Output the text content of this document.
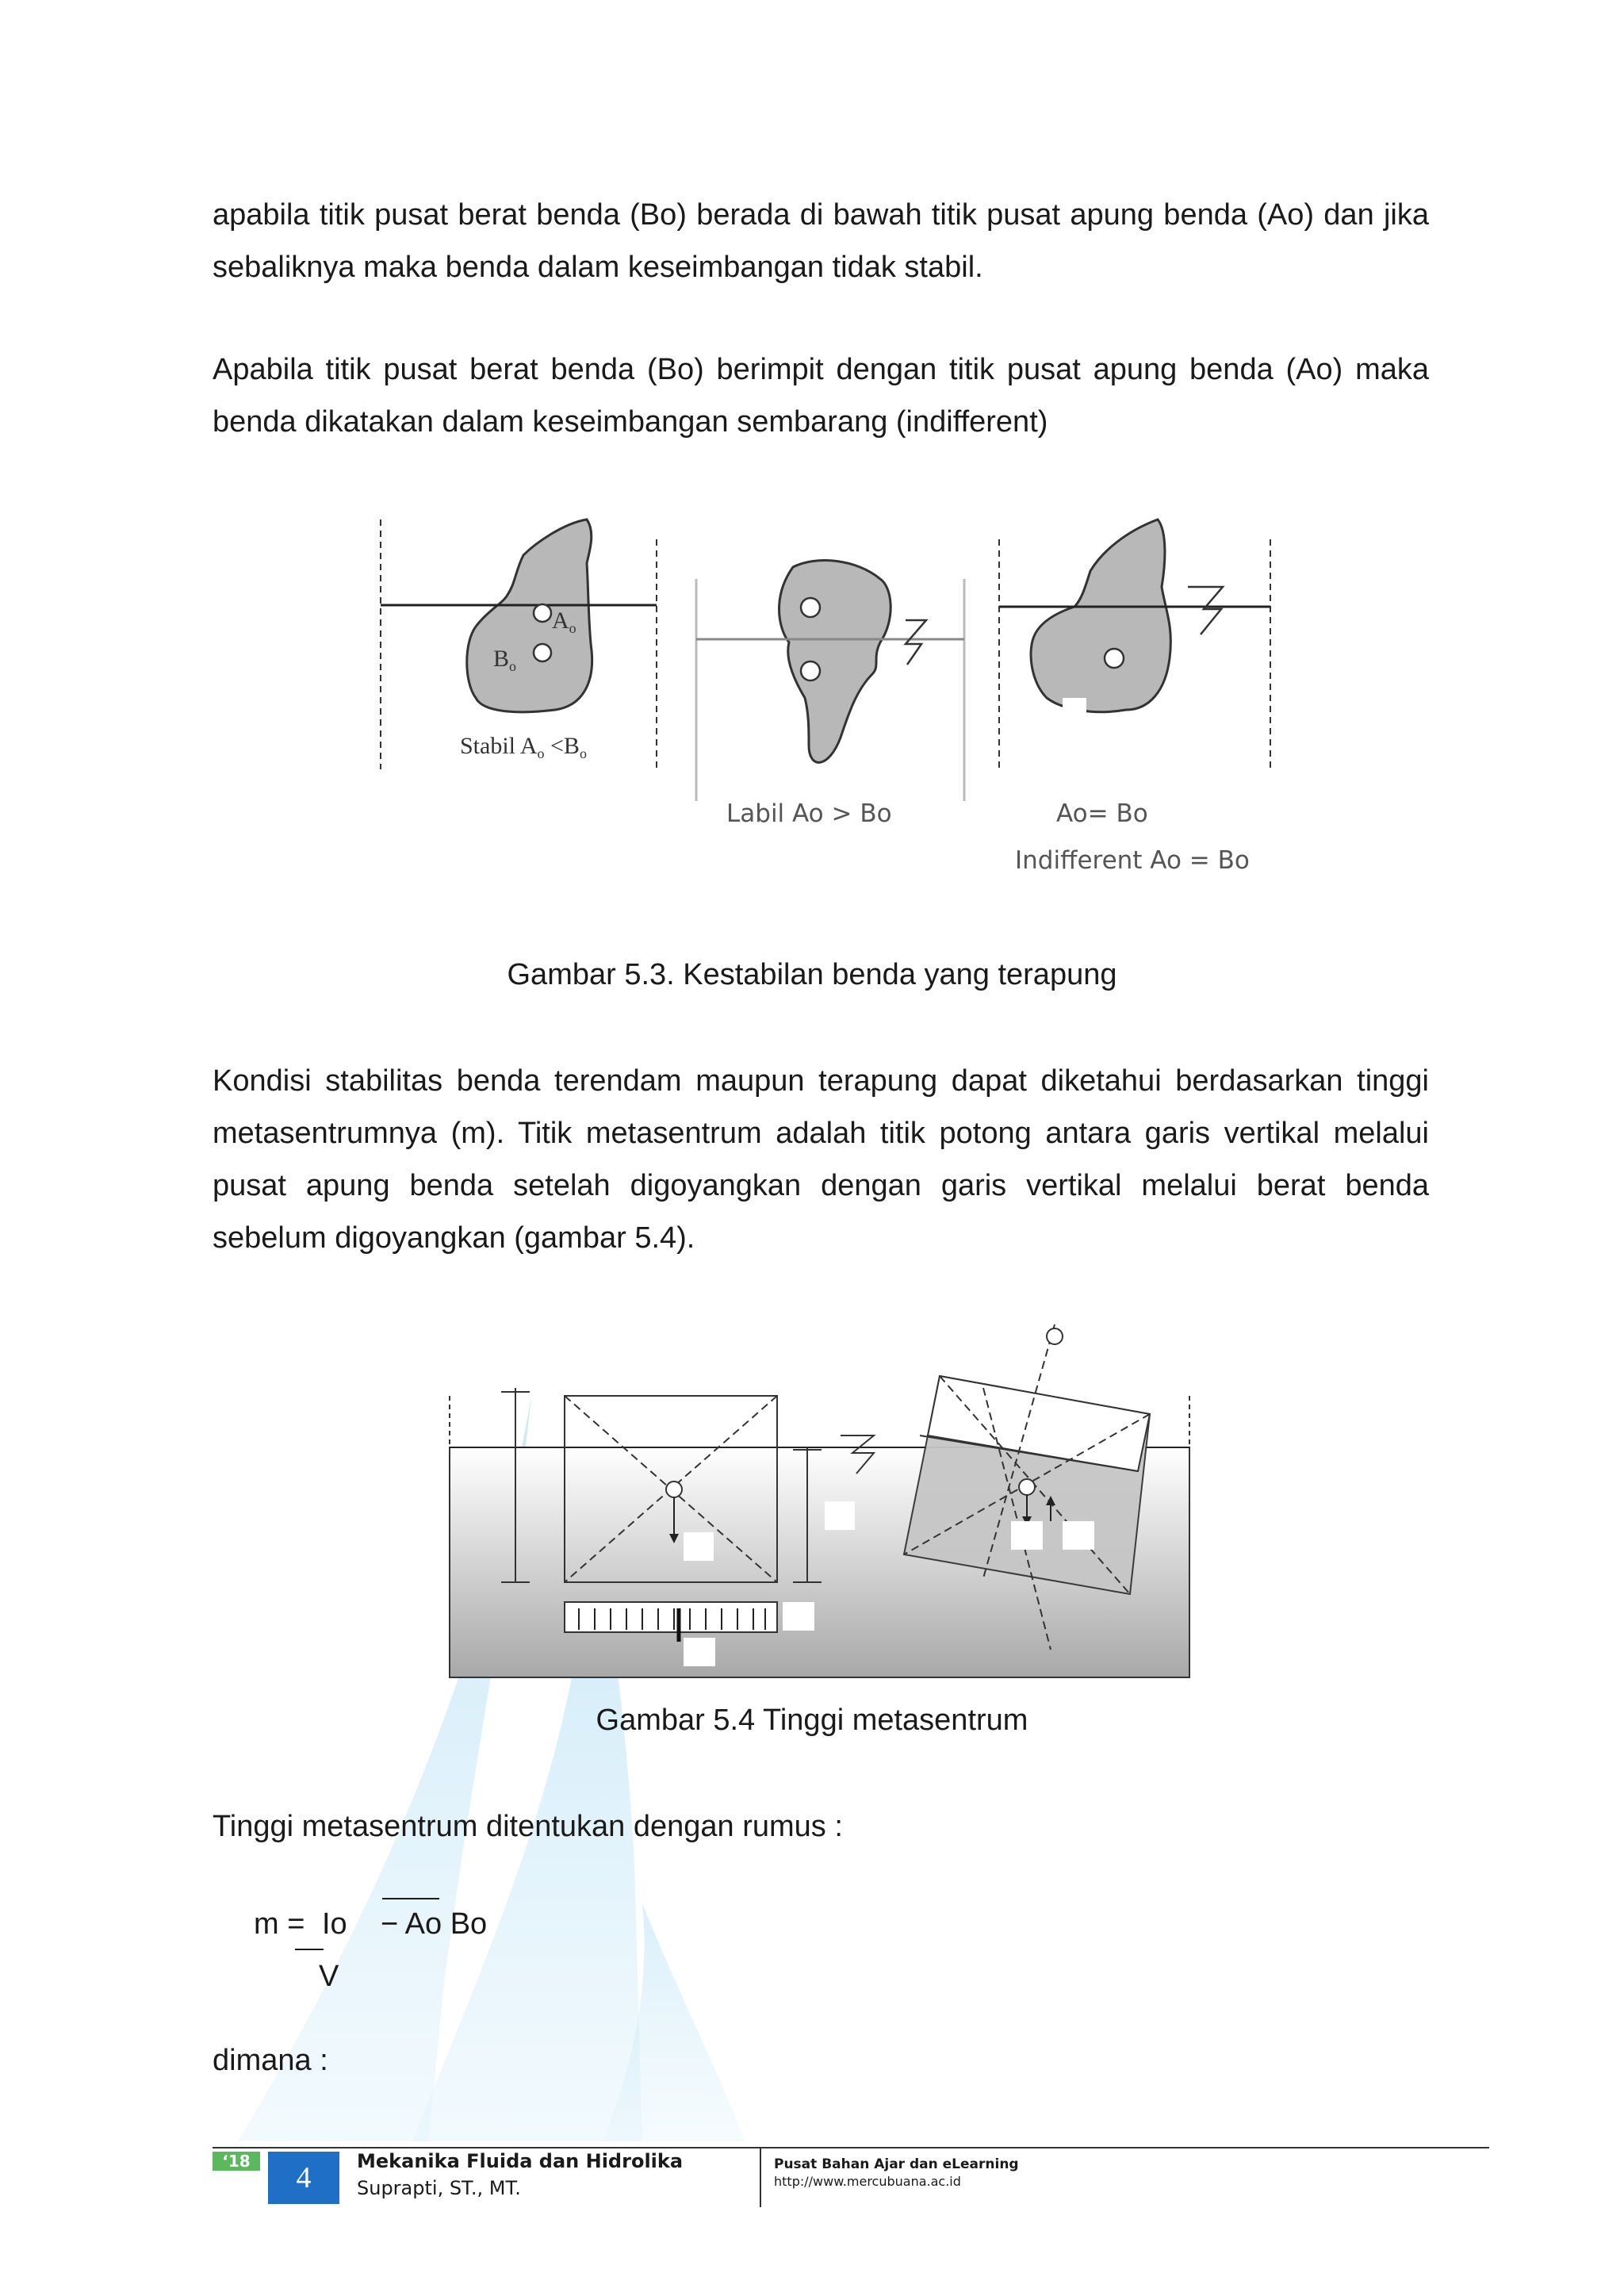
apabila titik pusat berat benda (Bo) berada di bawah titik pusat apung benda (Ao) dan jika sebaliknya maka benda dalam keseimbangan tidak stabil.

Apabila titik pusat berat benda (Bo) berimpit dengan titik pusat apung benda (Ao) maka benda dikatakan dalam keseimbangan sembarang (indifferent)

$A_o$
$B_o$
Stabil $A_o <B_o$
Labil Ao > Bo	Ao= Bo
Indifferent Ao = Bo
Gambar 5.3. Kestabilan benda yang terapung

Kondisi stabilitas benda terendam maupun terapung dapat diketahui berdasarkan tinggi metasentrumnya (m). Titik metasentrum adalah titik potong antara garis vertikal melalui pusat apung benda setelah digoyangkan dengan garis vertikal melalui berat benda sebelum digoyangkan (gambar 5.4).

Gambar 5.4 Tinggi metasentrum

Tinggi metasentrum ditentukan dengan rumus :

m = Io
V
− Ao Bo

dimana :

‘18	4	Mekanika Fluida dan Hidrolika
Suprapti, ST., MT.
Pusat Bahan Ajar dan eLearning
http://www.mercubuana.ac.id
